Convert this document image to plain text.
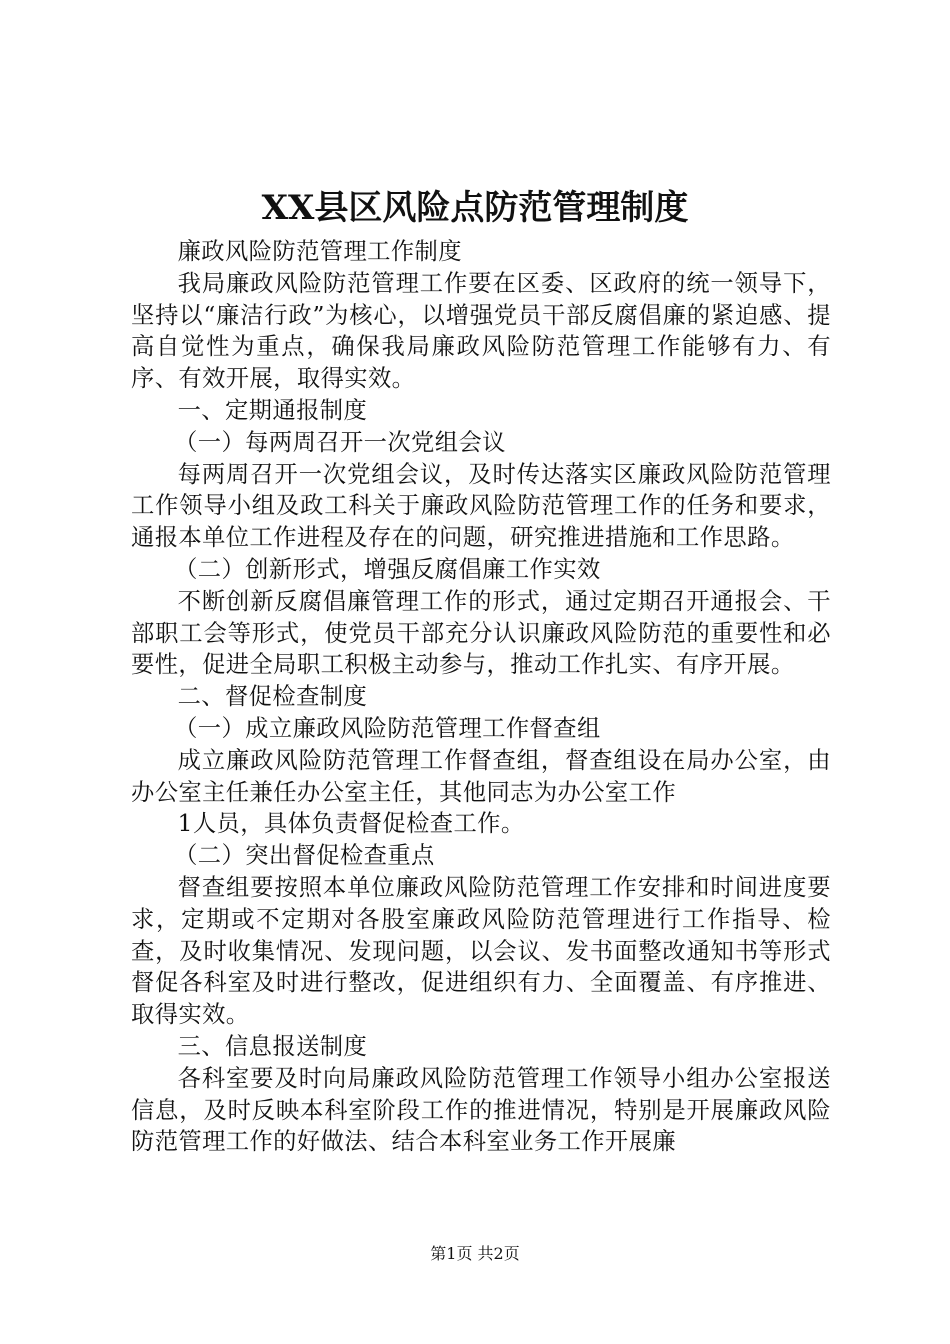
XX县区风险点防范管理制度

廉政风险防范管理工作制度

我局廉政风险防范管理工作要在区委、区政府的统一领导下，坚持以“廉洁行政”为核心，以增强党员干部反腐倡廉的紧迫感、提高自觉性为重点，确保我局廉政风险防范管理工作能够有力、有序、有效开展，取得实效。

一、定期通报制度

（一）每两周召开一次党组会议

每两周召开一次党组会议，及时传达落实区廉政风险防范管理工作领导小组及政工科关于廉政风险防范管理工作的任务和要求，通报本单位工作进程及存在的问题，研究推进措施和工作思路。

（二）创新形式，增强反腐倡廉工作实效

不断创新反腐倡廉管理工作的形式，通过定期召开通报会、干部职工会等形式，使党员干部充分认识廉政风险防范的重要性和必要性，促进全局职工积极主动参与，推动工作扎实、有序开展。

二、督促检查制度

（一）成立廉政风险防范管理工作督查组

成立廉政风险防范管理工作督查组，督查组设在局办公室，由办公室主任兼任办公室主任，其他同志为办公室工作

1人员，具体负责督促检查工作。

（二）突出督促检查重点

督查组要按照本单位廉政风险防范管理工作安排和时间进度要求，定期或不定期对各股室廉政风险防范管理进行工作指导、检查，及时收集情况、发现问题，以会议、发书面整改通知书等形式督促各科室及时进行整改，促进组织有力、全面覆盖、有序推进、取得实效。

三、信息报送制度

各科室要及时向局廉政风险防范管理工作领导小组办公室报送信息，及时反映本科室阶段工作的推进情况，特别是开展廉政风险防范管理工作的好做法、结合本科室业务工作开展廉

第1页 共2页
